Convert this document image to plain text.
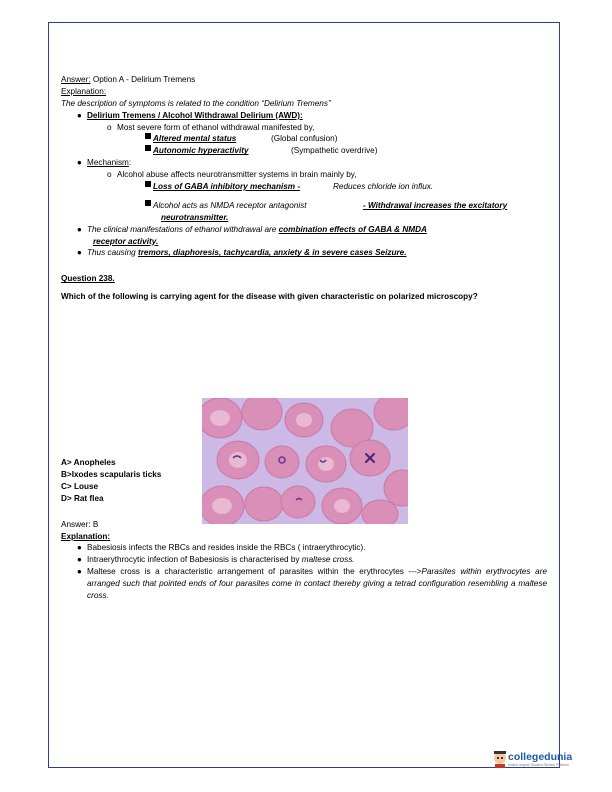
Answer: Option A - Delirium Tremens

Explanation:

The description of symptoms is related to the condition “Delirium Tremens”

● Delirium Tremens / Alcohol Withdrawal Delirium (AWD):
o Most severe form of ethanol withdrawal manifested by,
Altered mental status	(Global confusion)
Autonomic hyperactivity	(Sympathetic overdrive)
● Mechanism :
o Alcohol abuse affects neurotransmitter systems in brain mainly by,
Loss of GABA inhibitory mechanism -	Reduces chloride ion influx.
Alcohol acts as NMDA receptor antagonist	- Withdrawal increases the excitatory

neurotransmitter.

● The clinical manifestations of ethanol withdrawal are combination effects of GABA & NMDA

receptor activity.

● Thus causing tremors, diaphoresis, tachycardia, anxiety & in severe cases Seizure.

Question 238.

Which of the following is carrying agent for the disease with given characteristic on polarized microscopy?

A> Anopheles

B>Ixodes scapularis ticks

C> Louse

D> Rat flea

Answer: B

Explanation:

● Babesiosis infects the RBCs and resides inside the RBCs ( intraerythrocytic).
● Intraerythrocytic infection of Babesiosis is characterised by maltese cross.
● Maltese cross is a characteristic arrangement of parasites within the erythrocytes --->Parasites within erythrocytes are arranged such that pointed ends of four parasites come in contact thereby giving a tetrad configuration resembling a maltese cross.
collegedunia
India's largest Student Review Platform
